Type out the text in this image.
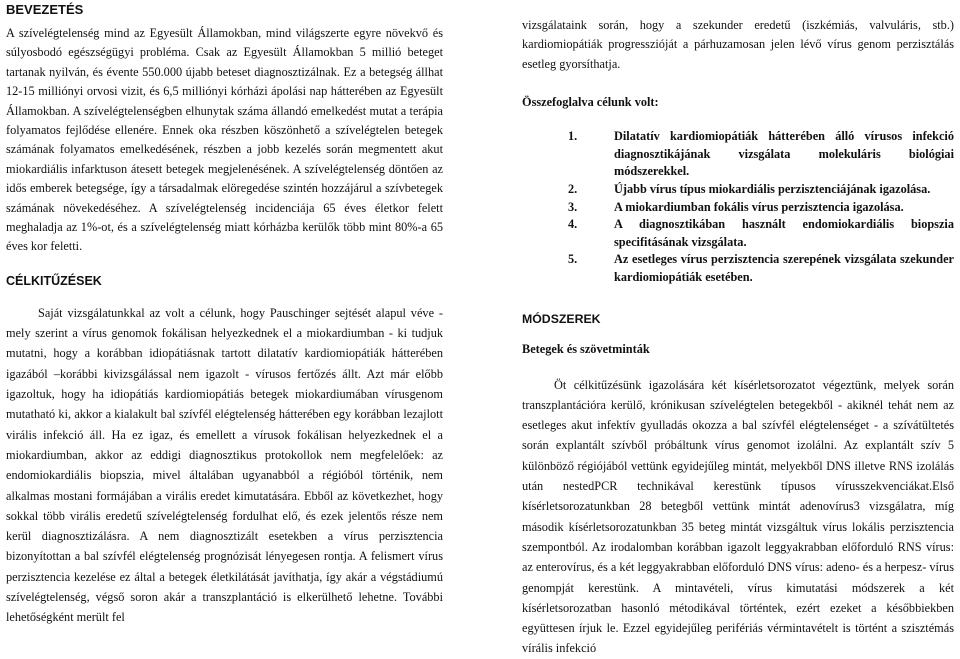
BEVEZETÉS

A szívelégtelenség mind az Egyesült Államokban, mind világszerte egyre növekvő és súlyosbodó egészségügyi probléma. Csak az Egyesült Államokban 5 millió beteget tartanak nyilván, és évente 550.000 újabb beteset diagnosztizálnak. Ez a betegség állhat 12-15 milliónyi orvosi vizit, és 6,5 milliónyi kórházi ápolási nap hátterében az Egyesült Államokban. A szívelégtelenségben elhunytak száma állandó emelkedést mutat a terápia folyamatos fejlődése ellenére. Ennek oka részben köszönhető a szívelégtelen betegek számának folyamatos emelkedésének, részben a jobb kezelés során megmentett akut miokardiális infarktuson átesett betegek megjelenésének. A szívelégtelenség döntően az idős emberek betegsége, így a társadalmak elöregedése szintén hozzájárul a szívbetegek számának növekedéséhez. A szívelégtelenség incidenciája 65 éves életkor felett meghaladja az 1%-ot, és a szívelégtelenség miatt kórházba kerülők több mint 80%-a 65 éves kor feletti.

CÉLKITŰZÉSEK

Saját vizsgálatunkkal az volt a célunk, hogy Pauschinger sejtését alapul véve - mely szerint a vírus genomok fokálisan helyezkednek el a miokardiumban - ki tudjuk mutatni, hogy a korábban idiopátiásnak tartott dilatatív kardiomiopátiák hátterében igazából –korábbi kivizsgálással nem igazolt - vírusos fertőzés állt. Azt már előbb igazoltuk, hogy ha idiopátiás kardiomiopátiás betegek miokardiumában vírusgenom mutatható ki, akkor a kialakult bal szívfél elégtelenség hátterében egy korábban lezajlott virális infekció áll. Ha ez igaz, és emellett a vírusok fokálisan helyezkednek el a miokardiumban, akkor az eddigi diagnosztikus protokollok nem megfelelőek: az endomiokardiális biopszia, mivel általában ugyanabból a régióból történik, nem alkalmas mostani formájában a virális eredet kimutatására. Ebből az következhet, hogy sokkal több virális eredetű szívelégtelenség fordulhat elő, és ezek jelentős része nem kerül diagnosztizálásra. A nem diagnosztizált esetekben a vírus perzisztencia bizonyítottan a bal szívfél elégtelenség prognózisát lényegesen rontja. A felismert vírus perzisztencia kezelése ez által a betegek életkilátását javíthatja, így akár a végstádiumú szívelégtelenség, végső soron akár a transzplantáció is elkerülhető lehetne. További lehetőségként merült fel

vizsgálataink során, hogy a szekunder eredetű (iszkémiás, valvuláris, stb.) kardiomiopátiák progresszióját a párhuzamosan jelen lévő vírus genom perzisztálás esetleg gyorsíthatja.

Összefoglalva célunk volt:
1.	Dilatatív kardiomiopátiák hátterében álló vírusos infekció diagnosztikájának vizsgálata molekuláris biológiai módszerekkel.
2.	Újabb vírus típus miokardiális perzisztenciájának igazolása.
3.	A miokardiumban fokális vírus perzisztencia igazolása.
4.	A diagnosztikában használt endomiokardiális biopszia specifitásának vizsgálata.
5.	Az esetleges vírus perzisztencia szerepének vizsgálata szekunder kardiomiopátiák esetében.
MÓDSZEREK
Betegek és szövetminták

Öt célkitűzésünk igazolására két kísérletsorozatot végeztünk, melyek során transzplantációra kerülő, krónikusan szívelégtelen betegekből - akiknél tehát nem az esetleges akut infektív gyulladás okozza a bal szívfél elégtelenséget - a szívátültetés során explantált szívből próbáltunk vírus genomot izolálni. Az explantált szív 5 különböző régiójából vettünk egyidejűleg mintát, melyekből DNS illetve RNS izolálás után nestedPCR technikával kerestünk típusos vírusszekvenciákat.Első kísérletsorozatunkban 28 betegből vettünk mintát adenovírus3 vizsgálatra, míg második kísérletsorozatunkban 35 beteg mintát vizsgáltuk vírus lokális perzisztencia szempontból. Az irodalomban korábban igazolt leggyakrabban előforduló RNS vírus: az enterovírus, és a két leggyakrabban előforduló DNS vírus: adeno- és a herpesz- vírus genompját kerestünk. A mintavételi, vírus kimutatási módszerek a két kísérletsorozatban hasonló métodikával történtek, ezért ezeket a későbbiekben együttesen írjuk le. Ezzel egyidejűleg perifériás vérmintavételt is történt a szisztémás vírális infekció
